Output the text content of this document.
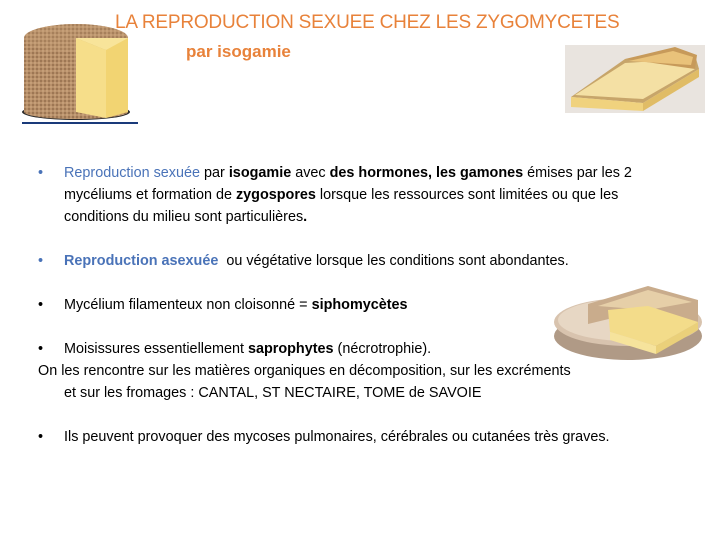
LA REPRODUCTION SEXUEE CHEZ LES ZYGOMYCETES
par isogamie
• Reproduction sexuée par isogamie avec des hormones, les gamones émises par les 2 mycéliums et formation de zygospores lorsque les ressources sont limitées ou que les conditions du milieu sont particulières.
• Reproduction asexuée  ou végétative lorsque les conditions sont abondantes.
• Mycélium filamenteux non cloisonné = siphomycètes
• Moisissures essentiellement saprophytes (nécrotrophie).
On les rencontre sur les matières organiques en décomposition, sur les excréments
et sur les fromages : CANTAL, ST NECTAIRE, TOME de SAVOIE
• Ils peuvent provoquer des mycoses pulmonaires, cérébrales ou cutanées très graves.
